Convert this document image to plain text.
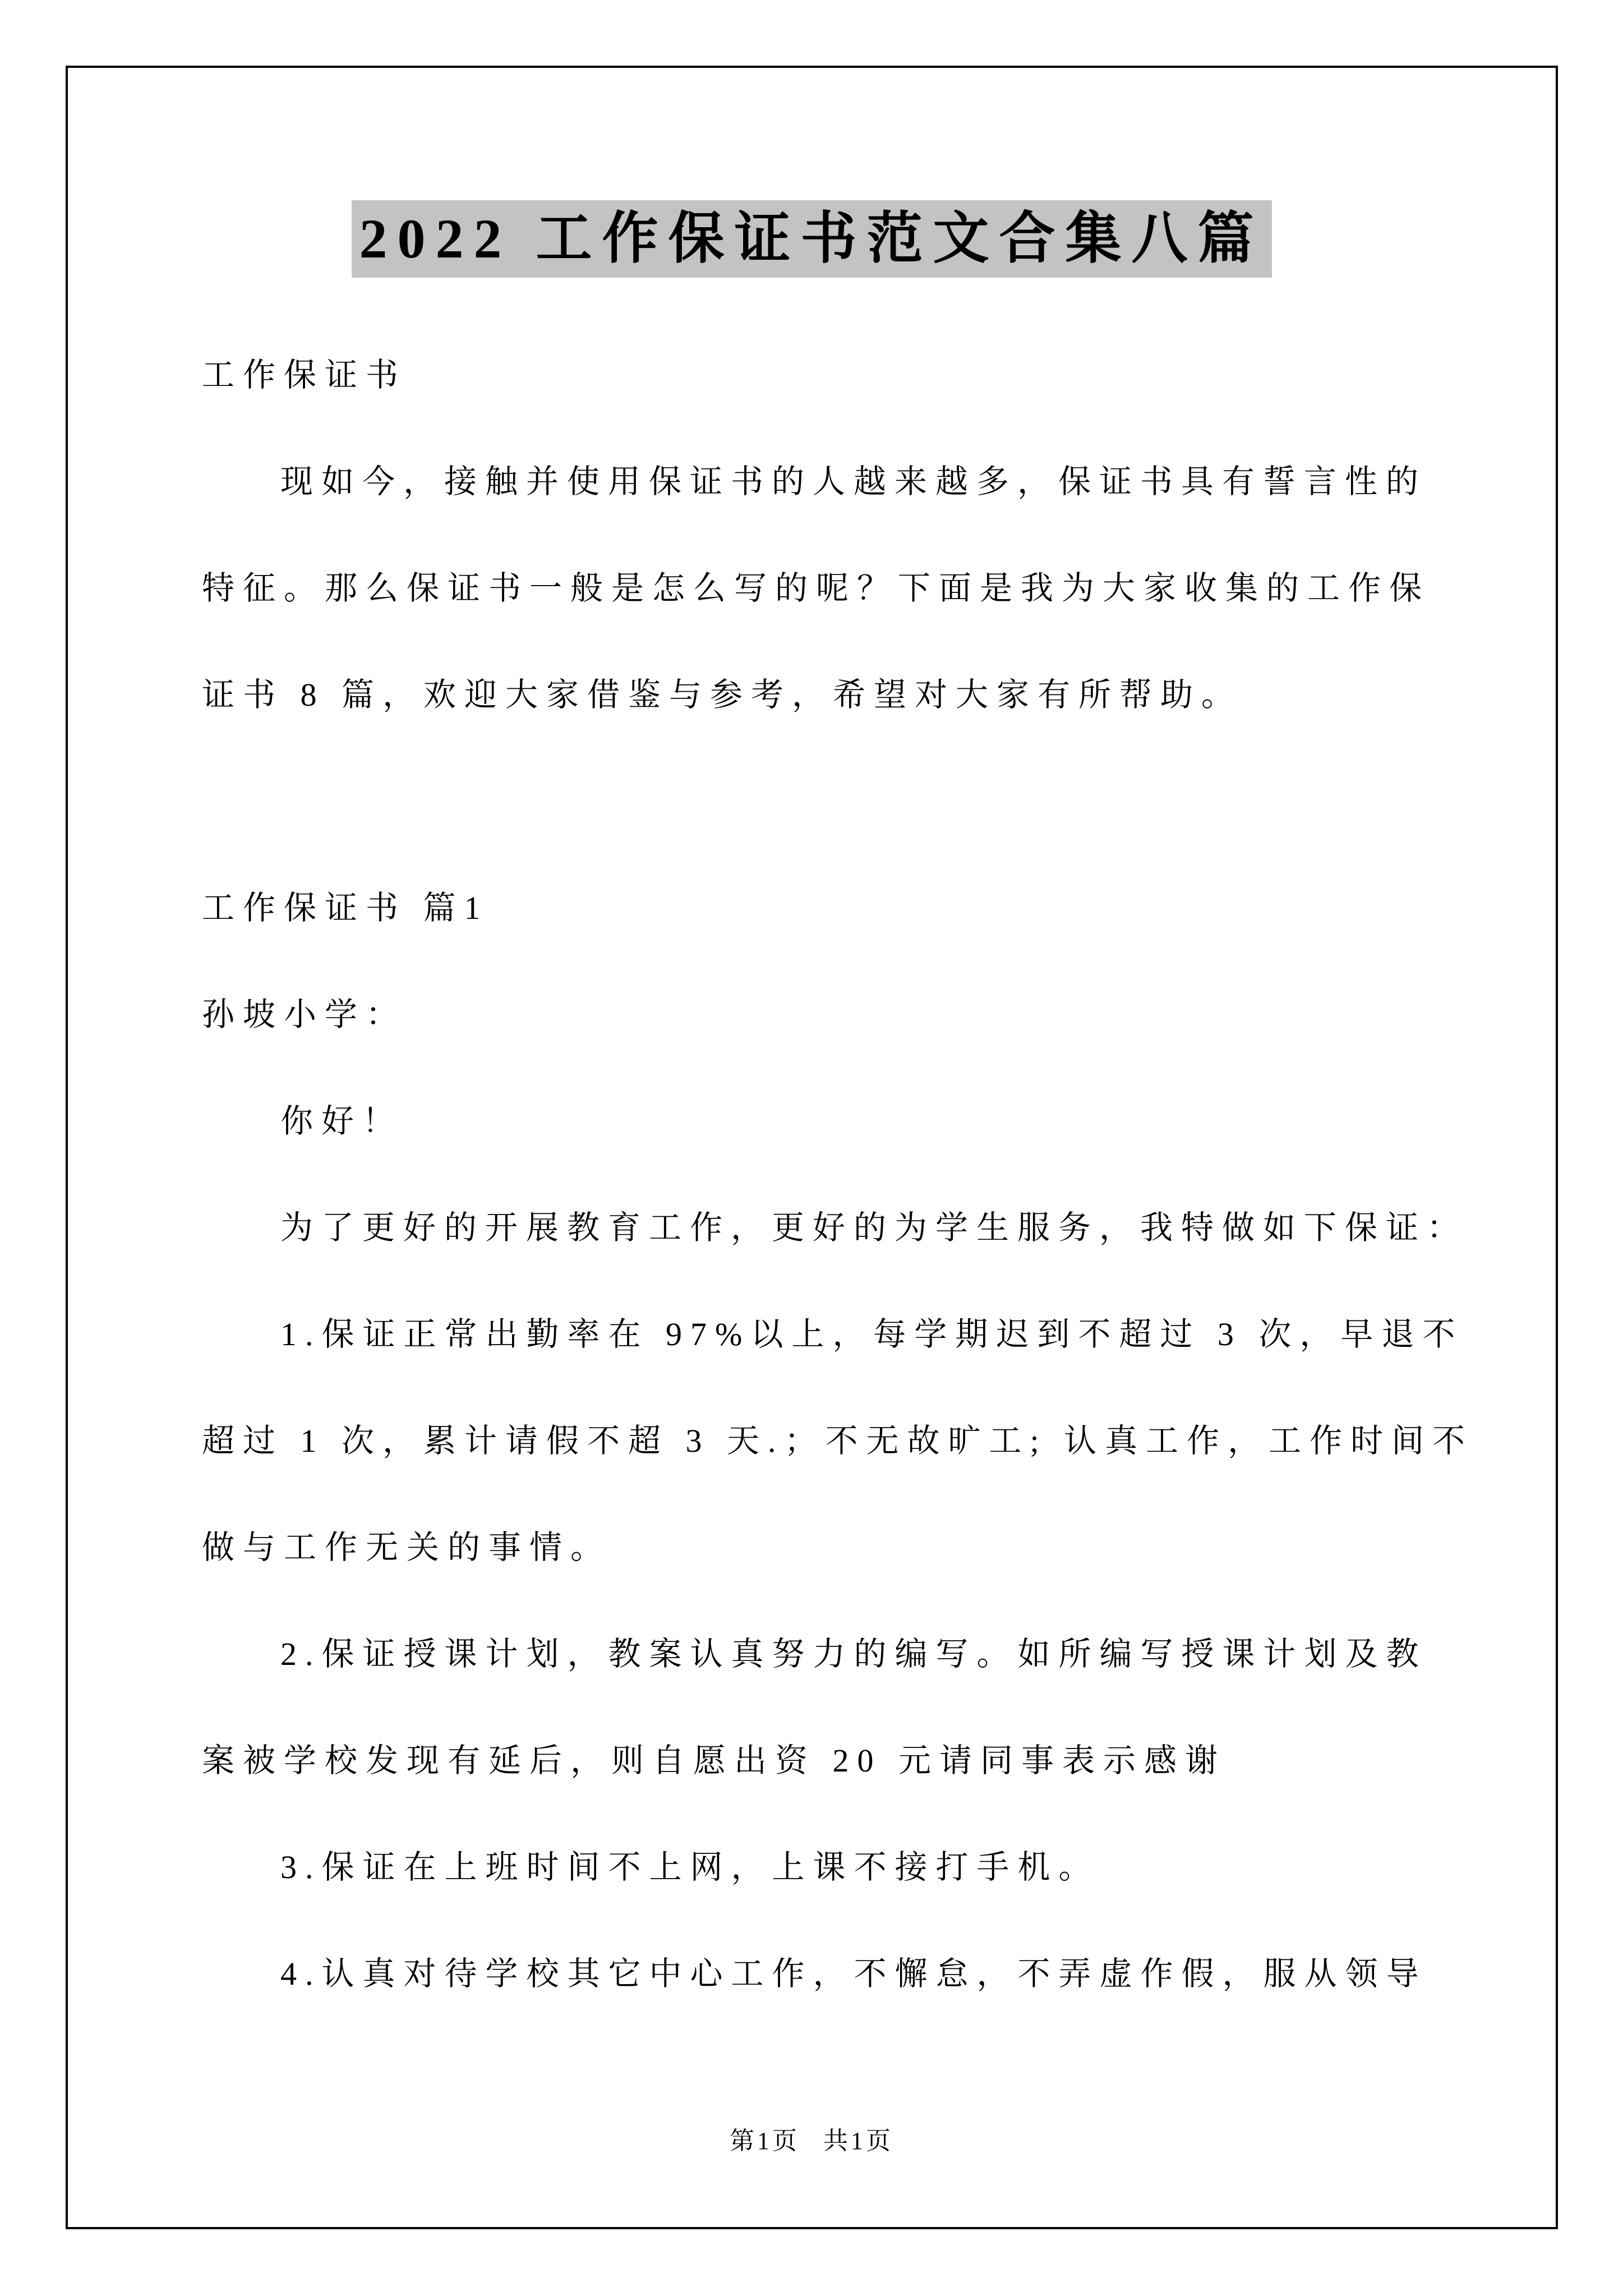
2022 工作保证书范文合集八篇
工作保证书
现如今，接触并使用保证书的人越来越多，保证书具有誓言性的
特征。那么保证书一般是怎么写的呢？下面是我为大家收集的工作保
证书 8 篇，欢迎大家借鉴与参考，希望对大家有所帮助。
工作保证书 篇1
孙坡小学：
你好！
为了更好的开展教育工作，更好的为学生服务，我特做如下保证：
1.保证正常出勤率在 97%以上，每学期迟到不超过 3 次，早退不
超过 1 次，累计请假不超 3 天.；不无故旷工; 认真工作，工作时间不
做与工作无关的事情。
2.保证授课计划，教案认真努力的编写。如所编写授课计划及教
案被学校发现有延后，则自愿出资 20 元请同事表示感谢
3.保证在上班时间不上网，上课不接打手机。
4.认真对待学校其它中心工作，不懈怠，不弄虚作假，服从领导
第1页 共1页
